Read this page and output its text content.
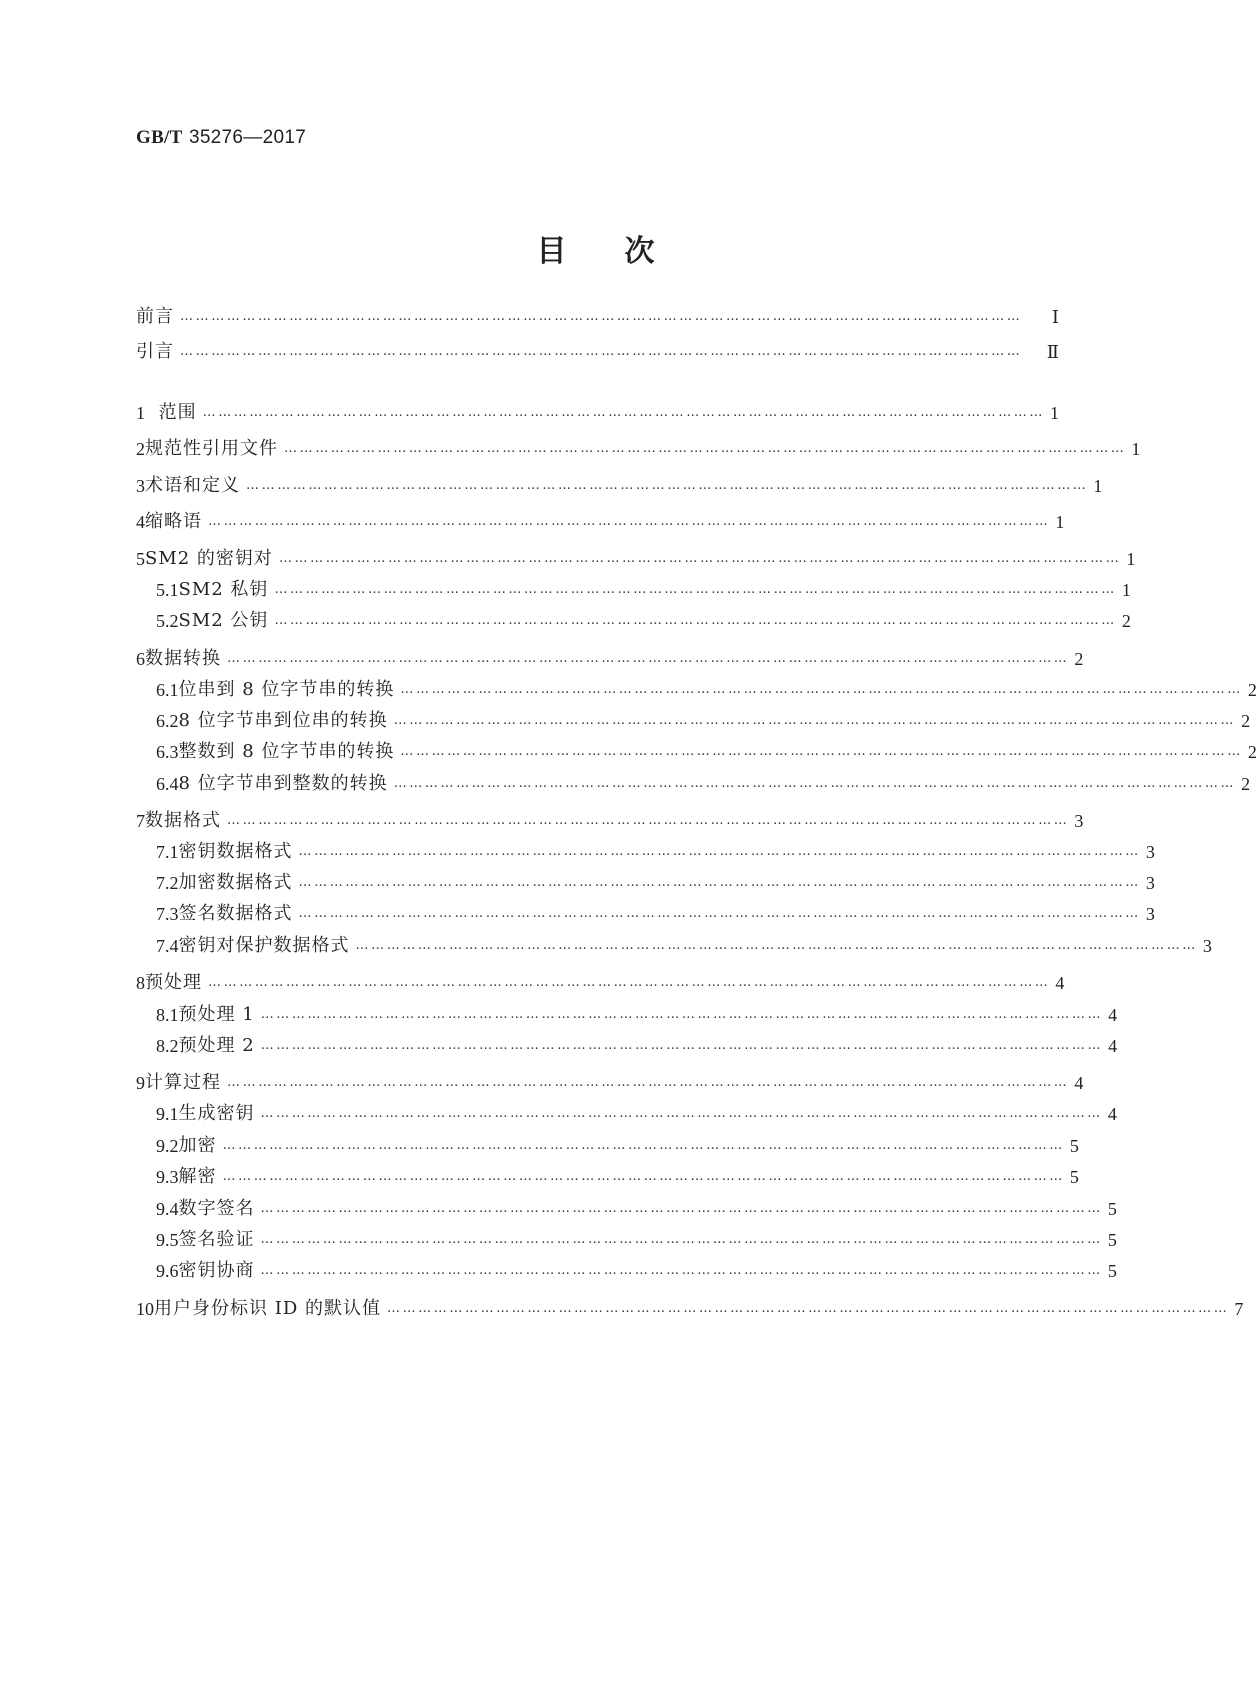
GB/T 35276—2017
目次
前言 ………………………………………………………………………………………………………………………………………………	Ⅰ
引言 ………………………………………………………………………………………………………………………………………………	Ⅱ
1 范围 ……………………………………………………………………………………………………………………………………………… 1
2 规范性引用文件 ……………………………………………………………………………………………………………………………………………… 1
3 术语和定义 ……………………………………………………………………………………………………………………………………………… 1
4 缩略语 ……………………………………………………………………………………………………………………………………………… 1
5 SM2 的密钥对 ……………………………………………………………………………………………………………………………………………… 1
5.1 SM2 私钥 ……………………………………………………………………………………………………………………………………………… 1
5.2 SM2 公钥 ……………………………………………………………………………………………………………………………………………… 2
6 数据转换 ……………………………………………………………………………………………………………………………………………… 2
6.1 位串到 8 位字节串的转换 ……………………………………………………………………………………………………………………………………………… 2
6.2 8 位字节串到位串的转换 ……………………………………………………………………………………………………………………………………………… 2
6.3 整数到 8 位字节串的转换 ……………………………………………………………………………………………………………………………………………… 2
6.4 8 位字节串到整数的转换 ……………………………………………………………………………………………………………………………………………… 2
7 数据格式 ……………………………………………………………………………………………………………………………………………… 3
7.1 密钥数据格式 ……………………………………………………………………………………………………………………………………………… 3
7.2 加密数据格式 ……………………………………………………………………………………………………………………………………………… 3
7.3 签名数据格式 ……………………………………………………………………………………………………………………………………………… 3
7.4 密钥对保护数据格式 ……………………………………………………………………………………………………………………………………………… 3
8 预处理 ……………………………………………………………………………………………………………………………………………… 4
8.1 预处理 1 ……………………………………………………………………………………………………………………………………………… 4
8.2 预处理 2 ……………………………………………………………………………………………………………………………………………… 4
9 计算过程 ……………………………………………………………………………………………………………………………………………… 4
9.1 生成密钥 ……………………………………………………………………………………………………………………………………………… 4
9.2 加密 ……………………………………………………………………………………………………………………………………………… 5
9.3 解密 ……………………………………………………………………………………………………………………………………………… 5
9.4 数字签名 ……………………………………………………………………………………………………………………………………………… 5
9.5 签名验证 ……………………………………………………………………………………………………………………………………………… 5
9.6 密钥协商 ……………………………………………………………………………………………………………………………………………… 5
10 用户身份标识 ID 的默认值 ……………………………………………………………………………………………………………………………………………… 7
